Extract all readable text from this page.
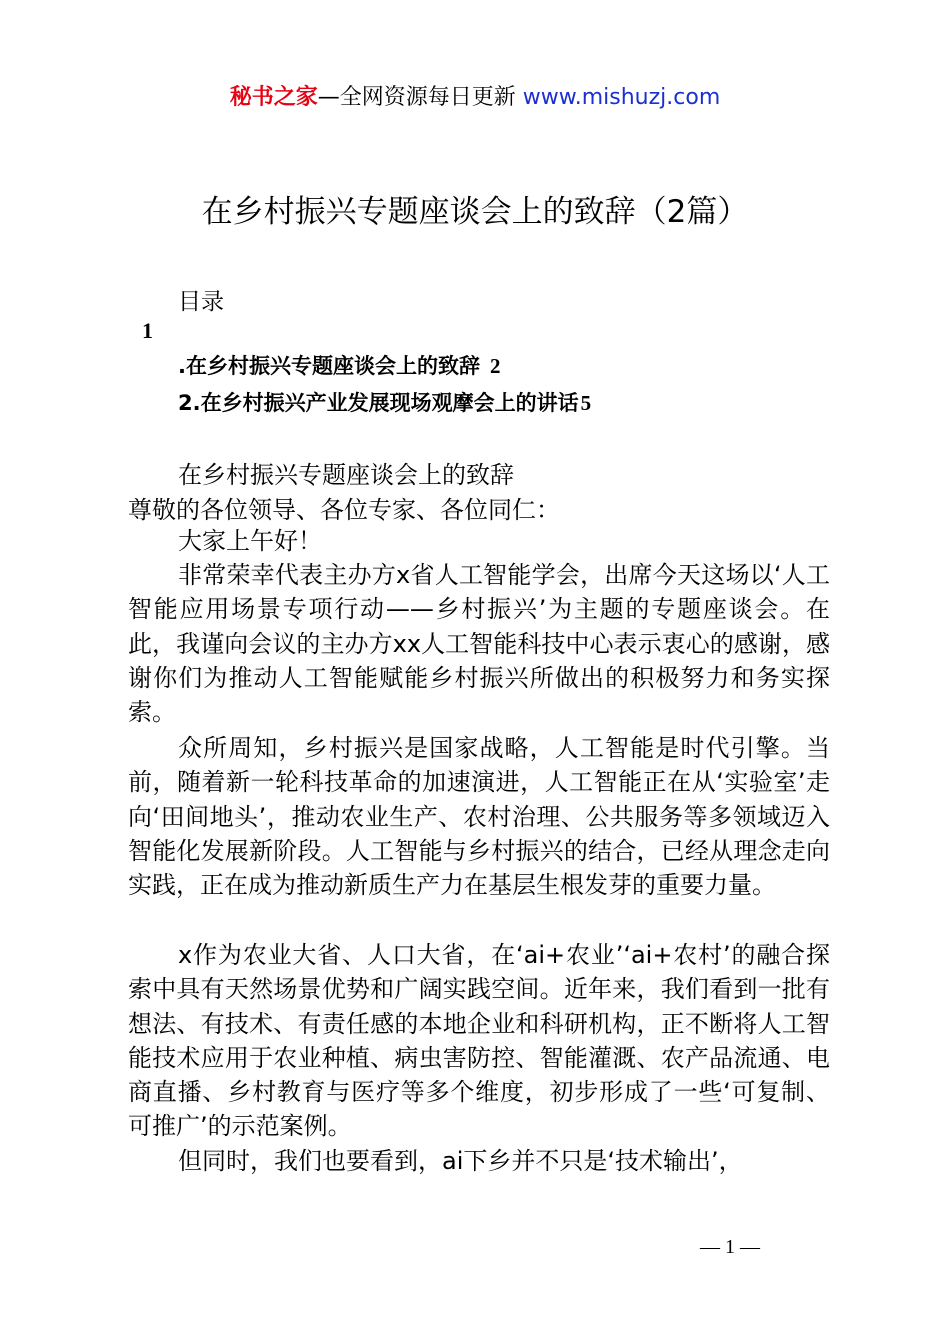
秘书之家—全网资源每日更新 www.mishuzj.com
在乡村振兴专题座谈会上的致辞（2篇）
目录
1
.在乡村振兴专题座谈会上的致辞 2
2.在乡村振兴产业发展现场观摩会上的讲话5
在乡村振兴专题座谈会上的致辞
尊敬的各位领导、各位专家、各位同仁：
大家上午好！
非常荣幸代表主办方x省人工智能学会，出席今天这场以‘人工智能应用场景专项行动——乡村振兴’为主题的专题座谈会。在此，我谨向会议的主办方xx人工智能科技中心表示衷心的感谢，感谢你们为推动人工智能赋能乡村振兴所做出的积极努力和务实探索。
众所周知，乡村振兴是国家战略，人工智能是时代引擎。当前，随着新一轮科技革命的加速演进，人工智能正在从‘实验室’走向‘田间地头’，推动农业生产、农村治理、公共服务等多领域迈入智能化发展新阶段。人工智能与乡村振兴的结合，已经从理念走向实践，正在成为推动新质生产力在基层生根发芽的重要力量。
x作为农业大省、人口大省，在‘ai+农业’‘ai+农村’的融合探索中具有天然场景优势和广阔实践空间。近年来，我们看到一批有想法、有技术、有责任感的本地企业和科研机构，正不断将人工智能技术应用于农业种植、病虫害防控、智能灌溉、农产品流通、电商直播、乡村教育与医疗等多个维度，初步形成了一些‘可复制、可推广’的示范案例。
但同时，我们也要看到，ai下乡并不只是‘技术输出’，
— 1 —
